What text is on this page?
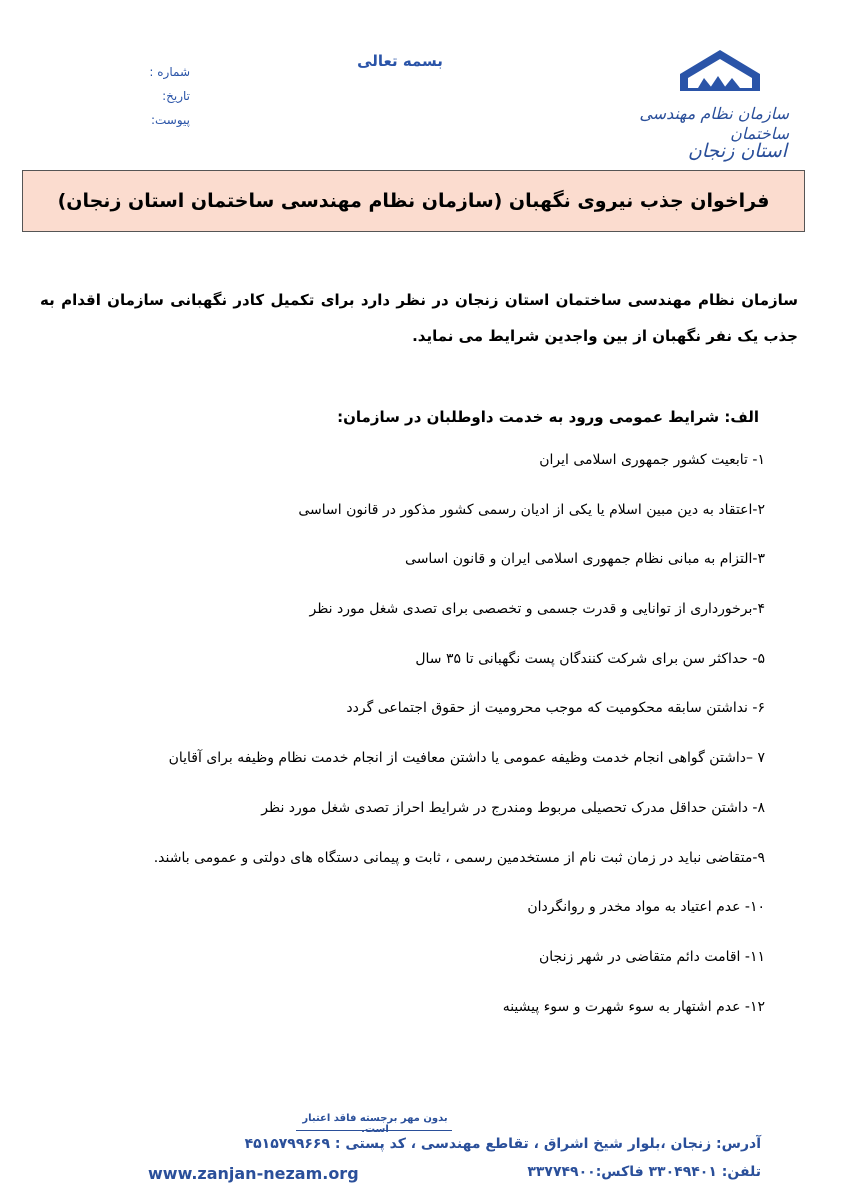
بسمه تعالی
شماره :
تاریخ:
پیوست:	سازمان نظام مهندسی ساختمان
استان زنجان
فراخوان جذب نیروی نگهبان (سازمان نظام مهندسی ساختمان استان زنجان)
سازمان نظام مهندسی ساختمان استان زنجان در نظر دارد برای تکمیل کادر نگهبانی سازمان اقدام به جذب یک نفر نگهبان از بین واجدین شرایط می نماید.
الف: شرایط عمومی ورود به خدمت داوطلبان در سازمان:
۱- تابعیت کشور جمهوری اسلامی ایران
۲-اعتقاد به دین مبین اسلام یا یکی از ادیان رسمی کشور مذکور در قانون اساسی
۳-التزام به مبانی نظام جمهوری اسلامی ایران و قانون اساسی
۴-برخورداری از توانایی و قدرت جسمی و تخصصی برای تصدی شغل مورد نظر
۵- حداکثر سن برای شرکت کنندگان پست نگهبانی تا ۳۵ سال
۶- نداشتن سابقه محکومیت که موجب محرومیت از حقوق اجتماعی گردد
۷ –داشتن گواهی انجام خدمت وظیفه عمومی یا داشتن معافیت از انجام خدمت نظام وظیفه برای آقایان
۸- داشتن حداقل مدرک تحصیلی مربوط ومندرج در شرایط احراز تصدی شغل مورد نظر
۹-متقاضی نباید در زمان ثبت نام از مستخدمین رسمی ، ثابت و پیمانی دستگاه های دولتی و عمومی باشند.
۱۰- عدم اعتیاد به مواد مخدر و روانگردان
۱۱- اقامت دائم متقاضی در شهر زنجان
۱۲- عدم اشتهار به سوء شهرت و سوء پیشینه
بدون مهر برجسته فاقد اعتبار
آدرس: زنجان ،بلوار شیخ اشراق ، تقاطع مهندسی ، کد پستی : ۴۵۱۵۷۹۹۶۶۹
تلفن: ۳۳۰۴۹۴۰۱ فاکس:۳۳۷۷۴۹۰۰
www.zanjan-nezam.org
